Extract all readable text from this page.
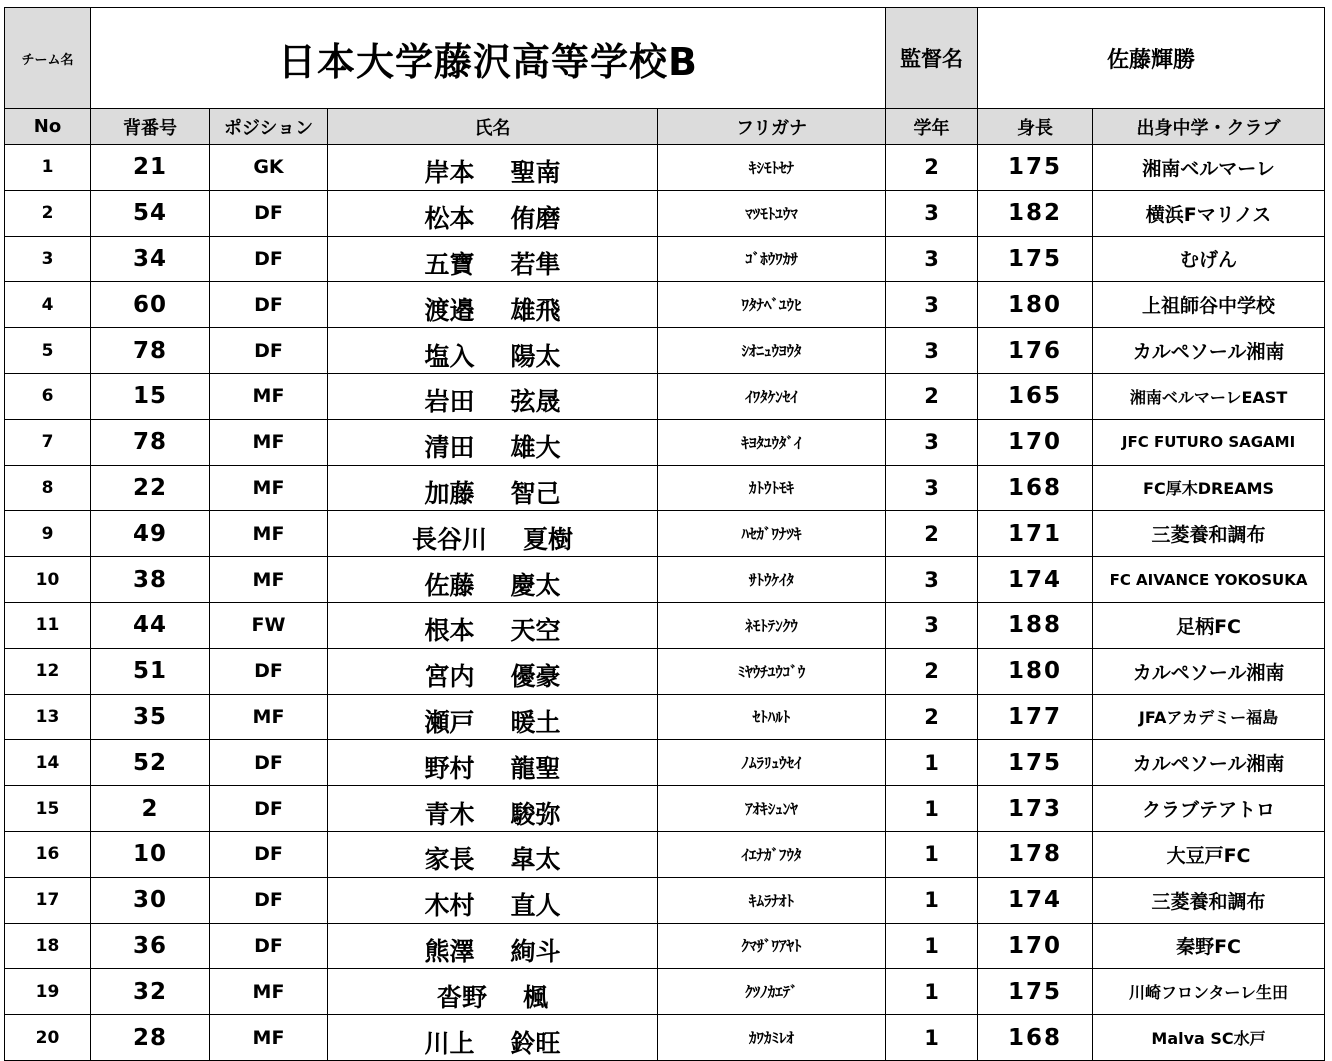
チーム名	日本大学藤沢高等学校B				監督名	佐藤輝勝	
No	背番号	ポジション	氏名	フリガナ	学年	身長	出身中学・クラブ
1	21	GK	岸本 聖南	ｷｼﾓﾄｾﾅ	2	175	湘南ベルマーレ
2	54	DF	松本 侑磨	ﾏﾂﾓﾄﾕｳﾏ	3	182	横浜Fマリノス
3	34	DF	五寶 若隼	ｺﾞﾎｳﾜｶｻ	3	175	むげん
4	60	DF	渡邉 雄飛	ﾜﾀﾅﾍﾞﾕｳﾋ	3	180	上祖師谷中学校
5	78	DF	塩入 陽太	ｼｵﾆｭｳﾖｳﾀ	3	176	カルペソール湘南
6	15	MF	岩田 弦晟	ｲﾜﾀｹﾝｾｲ	2	165	湘南ベルマーレEAST
7	78	MF	清田 雄大	ｷﾖﾀﾕｳﾀﾞｲ	3	170	JFC FUTURO SAGAMI
8	22	MF	加藤 智己	ｶﾄｳﾄﾓｷ	3	168	FC厚木DREAMS
9	49	MF	長谷川 夏樹	ﾊｾｶﾞﾜﾅﾂｷ	2	171	三菱養和調布
10	38	MF	佐藤 慶太	ｻﾄｳｹｲﾀ	3	174	FC AIVANCE YOKOSUKA
11	44	FW	根本 天空	ﾈﾓﾄﾃﾝｸｳ	3	188	足柄FC
12	51	DF	宮内 優豪	ﾐﾔｳﾁﾕｳｺﾞｳ	2	180	カルペソール湘南
13	35	MF	瀬戸 暖土	ｾﾄﾊﾙﾄ	2	177	JFAアカデミー福島
14	52	DF	野村 龍聖	ﾉﾑﾗﾘｭｳｾｲ	1	175	カルペソール湘南
15	2	DF	青木 駿弥	ｱｵｷｼｭﾝﾔ	1	173	クラブテアトロ
16	10	DF	家長 皐太	ｲｴﾅｶﾞﾌｳﾀ	1	178	大豆戸FC
17	30	DF	木村 直人	ｷﾑﾗﾅｵﾄ	1	174	三菱養和調布
18	36	DF	熊澤 絢斗	ｸﾏｻﾞﾜｱﾔﾄ	1	170	秦野FC
19	32	MF	沓野 楓	ｸﾂﾉｶｴﾃﾞ	1	175	川崎フロンターレ生田
20	28	MF	川上 鈴旺	ｶﾜｶﾐﾚｵ	1	168	Malva SC水戸
